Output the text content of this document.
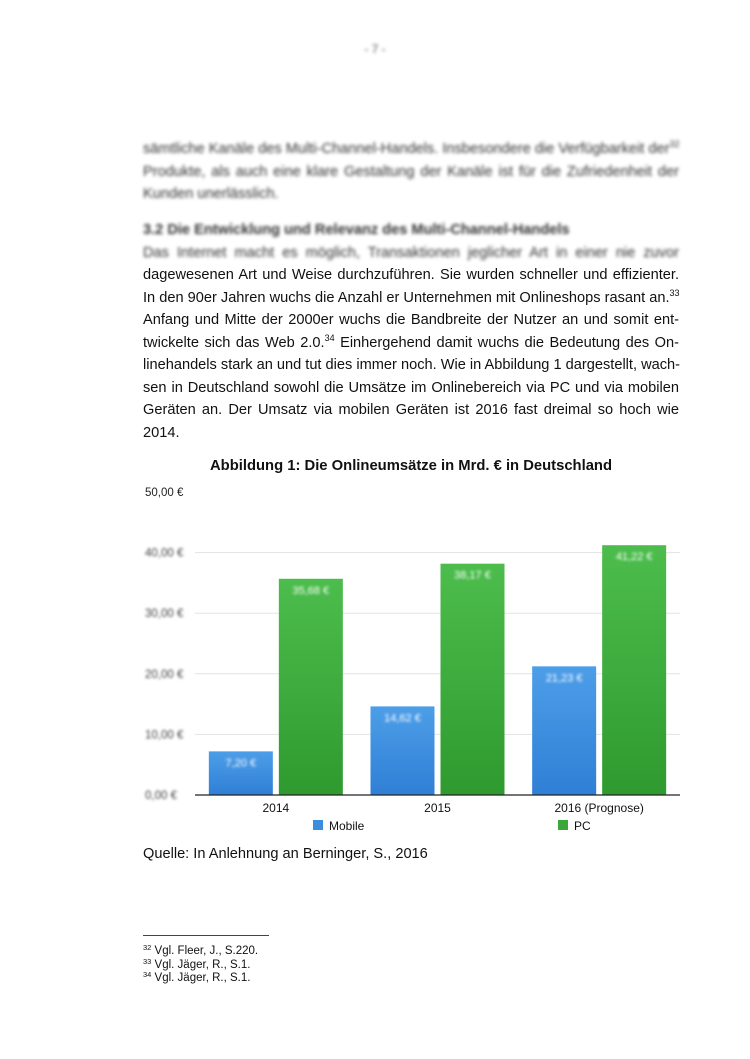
- 7 -
sämtliche Kanäle des Multi-Channel-Handels. Insbesondere die Verfügbarkeit der$^{32}$
Produkte, als auch eine klare Gestaltung der Kanäle ist für die Zufriedenheit der
Kunden unerlässlich.
3.2 Die Entwicklung und Relevanz des Multi-Channel-Handels
Das Internet macht es möglich, Transaktionen jeglicher Art in einer nie zuvor
dagewesenen Art und Weise durchzuführen. Sie wurden schneller und effizienter.
In den 90er Jahren wuchs die Anzahl er Unternehmen mit Onlineshops rasant an.$^{33}$
Anfang und Mitte der 2000er wuchs die Bandbreite der Nutzer an und somit ent-
twickelte sich das Web 2.0.34 Einhergehend damit wuchs die Bedeutung des On-
linehandels stark an und tut dies immer noch. Wie in Abbildung 1 dargestellt, wach-
sen in Deutschland sowohl die Umsätze im Onlinebereich via PC und via mobilen
Geräten an. Der Umsatz via mobilen Geräten ist 2016 fast dreimal so hoch wie
2014.
Abbildung 1: Die Onlineumsätze in Mrd. € in Deutschland
7,20 €
35,68 €
14,62 €
38,17 €
21,23 €
41,22 €
0,00 €
10,00 €
20,00 €
30,00 €
40,00 €
50,00 €
2014	2015	2016 (Prognose)
Mobile	PC
Quelle: In Anlehnung an Berninger, S., 2016
$^{32}$ Vgl. Fleer, J., S.220.
$^{33}$ Vgl. Jäger, R., S.1.
$^{34}$ Vgl. Jäger, R., S.1.
